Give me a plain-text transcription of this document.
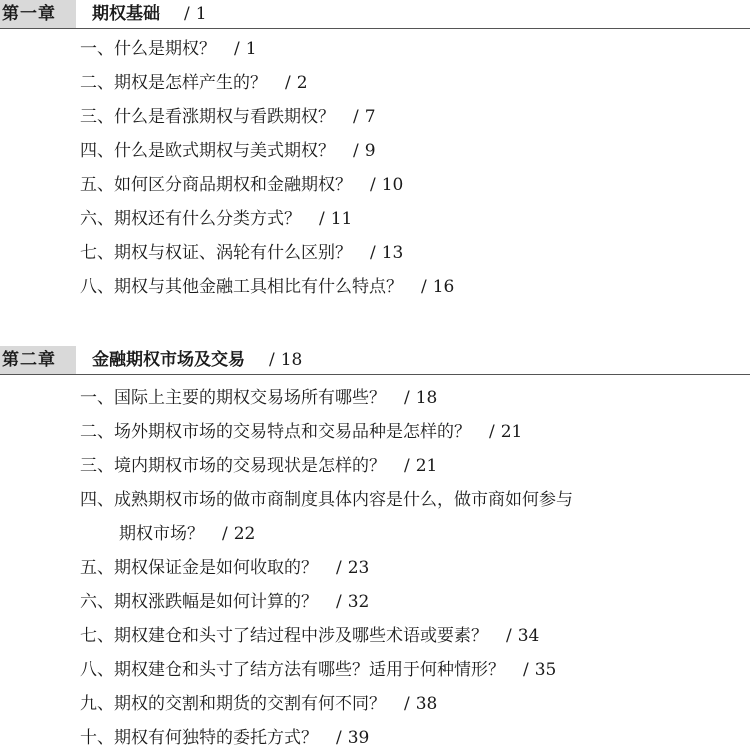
第一章	期权基础 / 1
一、什么是期权？ / 1
二、期权是怎样产生的？ / 2
三、什么是看涨期权与看跌期权？ / 7
四、什么是欧式期权与美式期权？ / 9
五、如何区分商品期权和金融期权？ / 10
六、期权还有什么分类方式？ / 11
七、期权与权证、涡轮有什么区别？ / 13
八、期权与其他金融工具相比有什么特点？ / 16
第二章	金融期权市场及交易 / 18
一、国际上主要的期权交易场所有哪些？ / 18
二、场外期权市场的交易特点和交易品种是怎样的？ / 21
三、境内期权市场的交易现状是怎样的？ / 21
四、成熟期权市场的做市商制度具体内容是什么，做市商如何参与
期权市场？ / 22
五、期权保证金是如何收取的？ / 23
六、期权涨跌幅是如何计算的？ / 32
七、期权建仓和头寸了结过程中涉及哪些术语或要素？ / 34
八、期权建仓和头寸了结方法有哪些？适用于何种情形？ / 35
九、期权的交割和期货的交割有何不同？ / 38
十、期权有何独特的委托方式？ / 39
